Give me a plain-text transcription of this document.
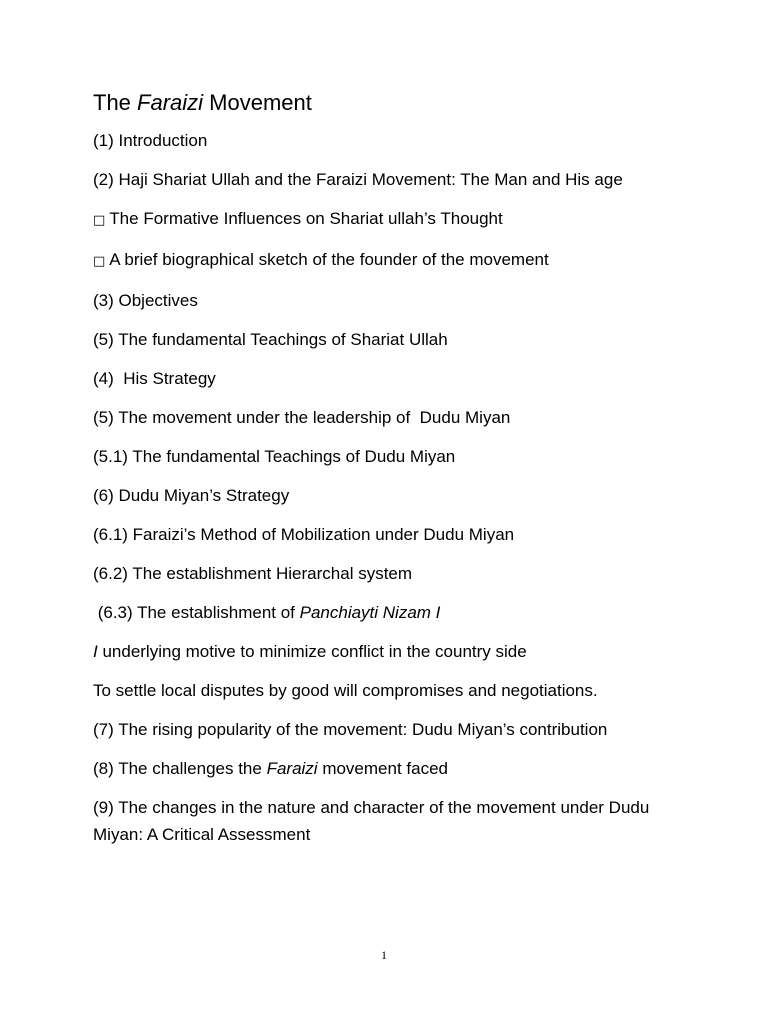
The Faraizi Movement
(1) Introduction
(2) Haji Shariat Ullah and the Faraizi Movement: The Man and His age
□ The Formative Influences on Shariat ullah’s Thought
□ A brief biographical sketch of the founder of the movement
(3) Objectives
(5) The fundamental Teachings of Shariat Ullah
(4)  His Strategy
(5) The movement under the leadership of  Dudu Miyan
(5.1) The fundamental Teachings of Dudu Miyan
(6) Dudu Miyan’s Strategy
(6.1) Faraizi’s Method of Mobilization under Dudu Miyan
(6.2) The establishment Hierarchal system
(6.3) The establishment of Panchiayti Nizam I
I underlying motive to minimize conflict in the country side
To settle local disputes by good will compromises and negotiations.
(7) The rising popularity of the movement: Dudu Miyan’s contribution
(8) The challenges the Faraizi movement faced
(9) The changes in the nature and character of the movement under Dudu Miyan: A Critical Assessment
1
